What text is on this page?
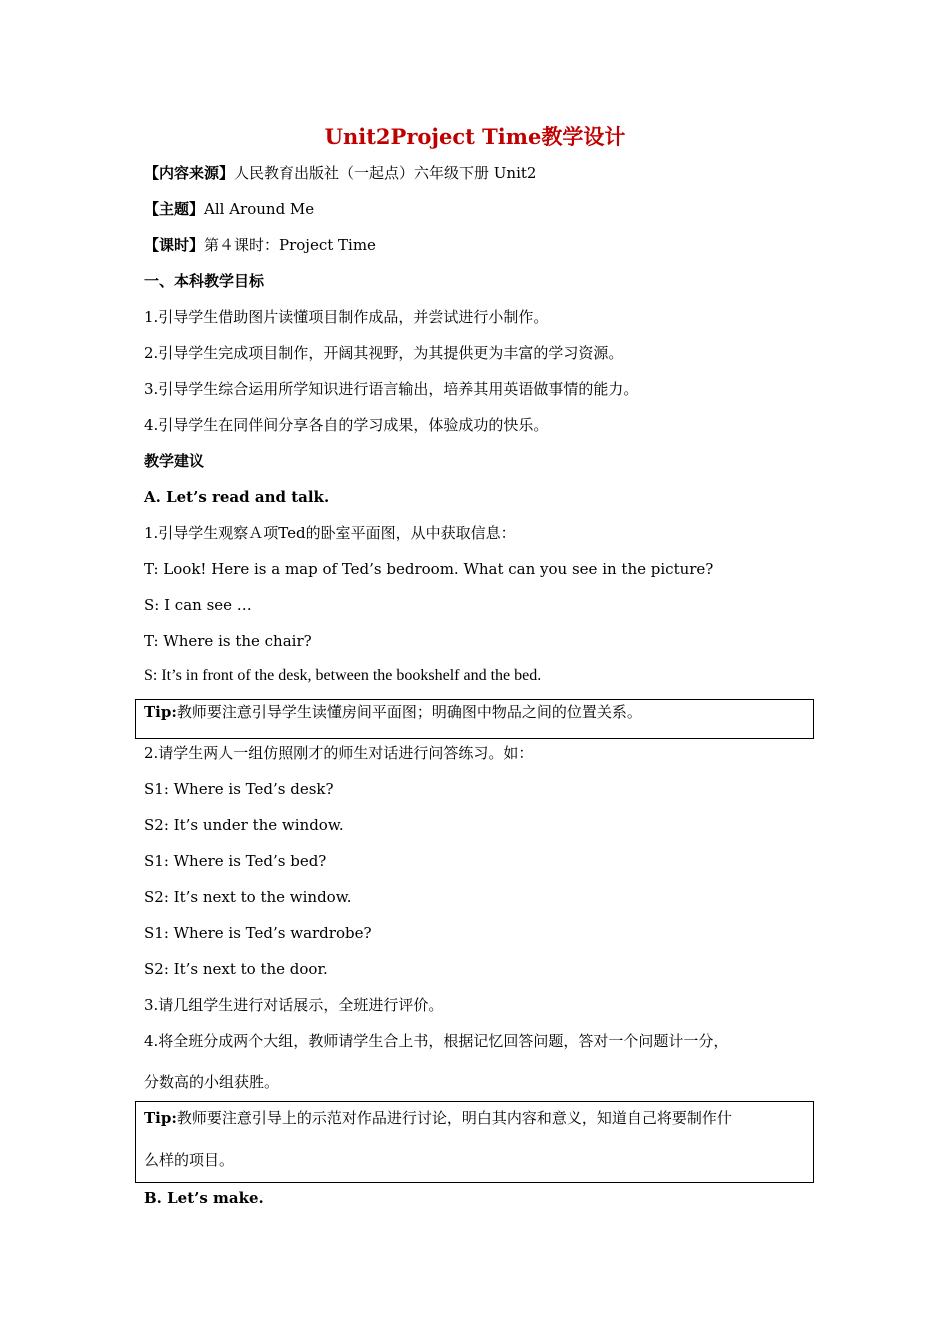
Unit2Project Time教学设计
【内容来源】人民教育出版社（一起点）六年级下册 Unit2
【主题】All Around Me
【课时】第４课时：Project Time
一、本科教学目标
1.引导学生借助图片读懂项目制作成品，并尝试进行小制作。
2.引导学生完成项目制作，开阔其视野，为其提供更为丰富的学习资源。
3.引导学生综合运用所学知识进行语言输出，培养其用英语做事情的能力。
4.引导学生在同伴间分享各自的学习成果，体验成功的快乐。
教学建议
A. Let’s read and talk.
1.引导学生观察Ａ项Ted的卧室平面图，从中获取信息：
T: Look! Here is a map of Ted’s bedroom. What can you see in the picture?
S: I can see …
T: Where is the chair?
S: It’s in front of the desk, between the bookshelf and the bed.
Tip:教师要注意引导学生读懂房间平面图；明确图中物品之间的位置关系。
2.请学生两人一组仿照刚才的师生对话进行问答练习。如：
S1: Where is Ted’s desk?
S2: It’s under the window.
S1: Where is Ted’s bed?
S2: It’s next to the window.
S1: Where is Ted’s wardrobe?
S2: It’s next to the door.
3.请几组学生进行对话展示，全班进行评价。
4.将全班分成两个大组，教师请学生合上书，根据记忆回答问题，答对一个问题计一分，
分数高的小组获胜。
Tip:教师要注意引导上的示范对作品进行讨论，明白其内容和意义，知道自己将要制作什
么样的项目。
B. Let’s make.
